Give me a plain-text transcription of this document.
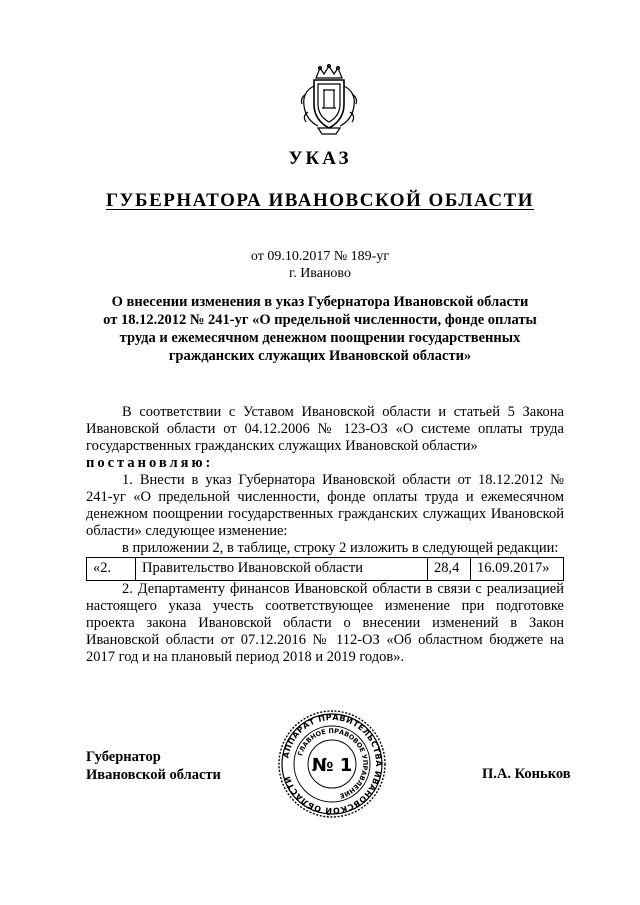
УКАЗ
ГУБЕРНАТОРА ИВАНОВСКОЙ ОБЛАСТИ
от 09.10.2017 № 189-уг
г. Иваново
О внесении изменения в указ Губернатора Ивановской области
от 18.12.2012 № 241-уг «О предельной численности, фонде оплаты
труда и ежемесячном денежном поощрении государственных
гражданских служащих Ивановской области»

В соответствии с Уставом Ивановской области и статьей 5 Закона Ивановской области от 04.12.2006 № 123-ОЗ «О системе оплаты труда государственных гражданских служащих Ивановской области»

постановляю:

1. Внести в указ Губернатора Ивановской области от 18.12.2012 № 241-уг «О предельной численности, фонде оплаты труда и ежемесячном денежном поощрении государственных гражданских служащих Ивановской области» следующее изменение:

в приложении 2, в таблице, строку 2 изложить в следующей редакции:

«2.	Правительство Ивановской области	28,4	16.09.2017»

2. Департаменту финансов Ивановской области в связи с реализацией настоящего указа учесть соответствующее изменение при подготовке проекта закона Ивановской области о внесении изменений в Закон Ивановской области от 07.12.2016 № 112-ОЗ «Об областном бюджете на 2017 год и на плановый период 2018 и 2019 годов».

Губернатор
Ивановской области
АППАРАТ ПРАВИТЕЛЬСТВА ИВАНОВСКОЙ ОБЛАСТИ
ГЛАВНОЕ ПРАВОВОЕ УПРАВЛЕНИЕ
№ 1	П.А. Коньков
